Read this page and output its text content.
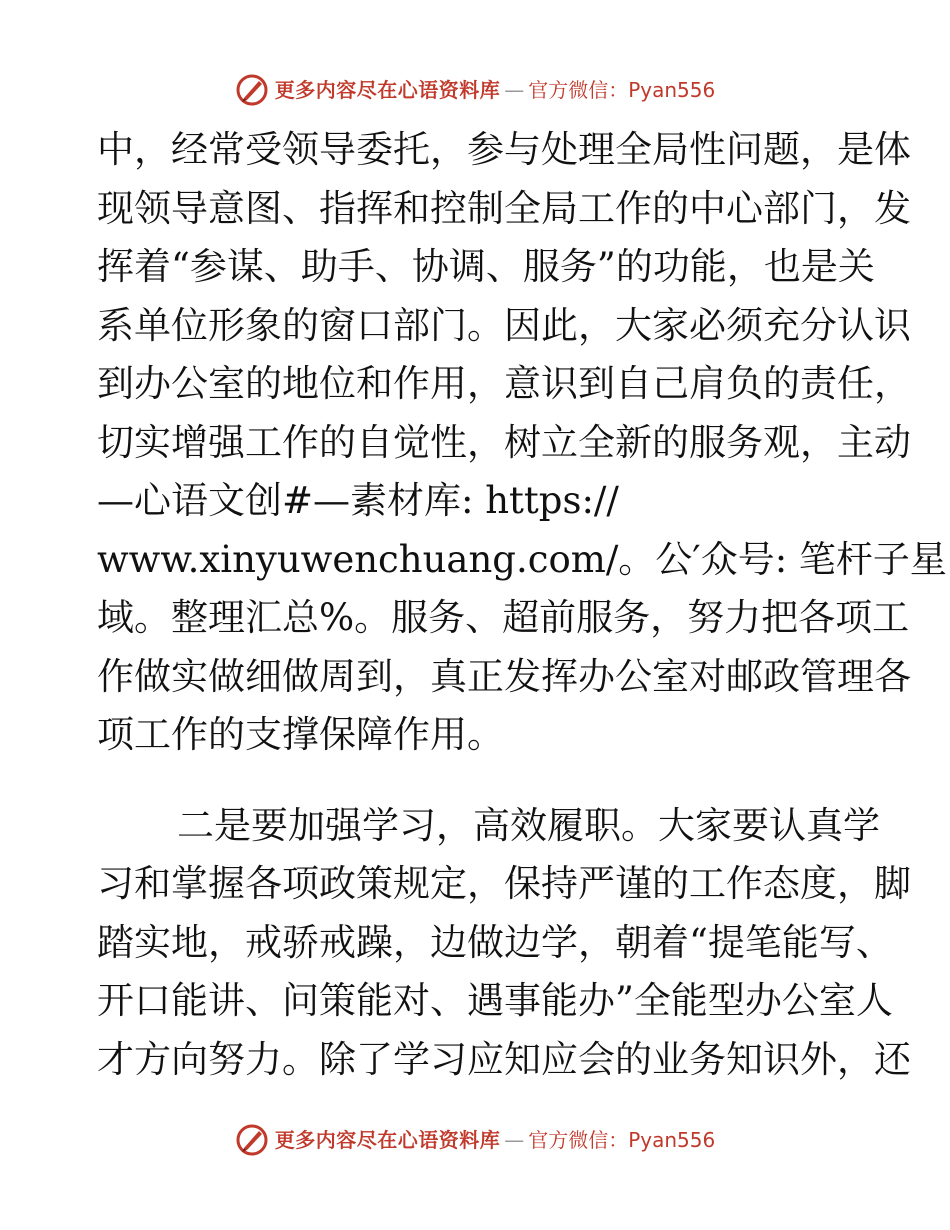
更多内容尽在心语资料库 — 官方微信：Pyan556
中，经常受领导委托，参与处理全局性问题，是体
现领导意图、指挥和控制全局工作的中心部门，发
挥着“参谋、助手、协调、服务”的功能，也是关
系单位形象的窗口部门。因此，大家必须充分认识
到办公室的地位和作用，意识到自己肩负的责任，
切实增强工作的自觉性，树立全新的服务观，主动
—心语文创#—素材库: https://
www.xinyuwenchuang.com/。公′众号: 笔杆子星
域。整理汇总%。服务、超前服务，努力把各项工
作做实做细做周到，真正发挥办公室对邮政管理各
项工作的支撑保障作用。
二是要加强学习，高效履职。大家要认真学
习和掌握各项政策规定，保持严谨的工作态度，脚
踏实地，戒骄戒躁，边做边学，朝着“提笔能写、
开口能讲、问策能对、遇事能办”全能型办公室人
才方向努力。除了学习应知应会的业务知识外，还
更多内容尽在心语资料库 — 官方微信：Pyan556
